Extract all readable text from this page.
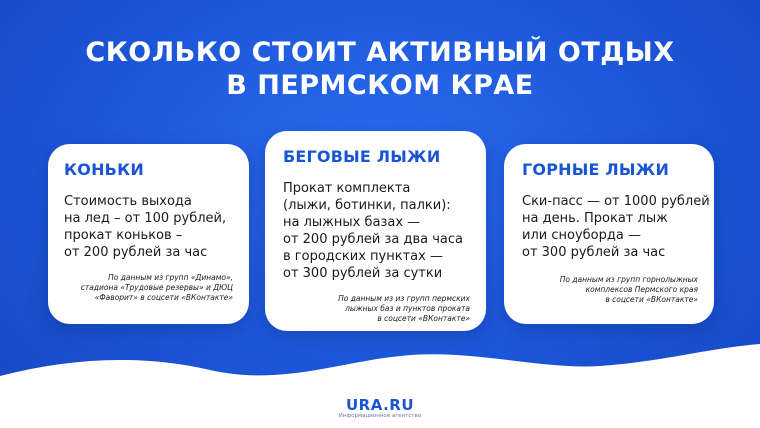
СКОЛЬКО СТОИТ АКТИВНЫЙ ОТДЫХ
В ПЕРМСКОМ КРАЕ
КОНЬКИ
Стоимость выхода
на лед – от 100 рублей,
прокат коньков –
от 200 рублей за час
По данным из групп «Динамо»,
стадиона «Трудовые резервы» и ДЮЦ
«Фаворит» в соцсети «ВКонтакте»
БЕГОВЫЕ ЛЫЖИ
Прокат комплекта
(лыжи, ботинки, палки):
на лыжных базах —
от 200 рублей за два часа
в городских пунктах —
от 300 рублей за сутки
По данным из из групп пермских
лыжных баз и пунктов проката
в соцсети «ВКонтакте»
ГОРНЫЕ ЛЫЖИ
Ски-пасс — от 1000 рублей
на день. Прокат лыж
или сноуборда —
от 300 рублей за час
По данным из групп горнолыжных
комплексов Пермского края
в соцсети «ВКонтакте»
URA.RU
Информационное агентство
